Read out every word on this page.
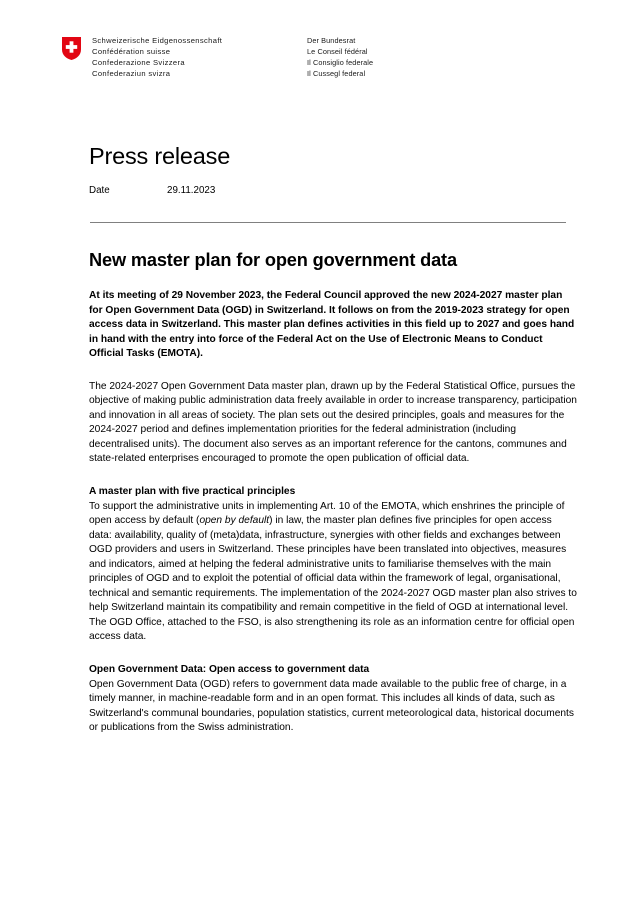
Schweizerische Eidgenossenschaft
Confédération suisse
Confederazione Svizzera
Confederaziun svizra
Der Bundesrat
Le Conseil fédéral
Il Consiglio federale
Il Cussegl federal
Press release
Date	29.11.2023
New master plan for open government data

At its meeting of 29 November 2023, the Federal Council approved the new 2024-2027 master plan for Open Government Data (OGD) in Switzerland. It follows on from the 2019-2023 strategy for open access data in Switzerland. This master plan defines activities in this field up to 2027 and goes hand in hand with the entry into force of the Federal Act on the Use of Electronic Means to Conduct Official Tasks (EMOTA).

The 2024-2027 Open Government Data master plan, drawn up by the Federal Statistical Office, pursues the objective of making public administration data freely available in order to increase transparency, participation and innovation in all areas of society. The plan sets out the desired principles, goals and measures for the 2024-2027 period and defines implementation priorities for the federal administration (including decentralised units). The document also serves as an important reference for the cantons, communes and state-related enterprises encouraged to promote the open publication of official data.

A master plan with five practical principles

To support the administrative units in implementing Art. 10 of the EMOTA, which enshrines the principle of open access by default (open by default) in law, the master plan defines five principles for open access data: availability, quality of (meta)data, infrastructure, synergies with other fields and exchanges between OGD providers and users in Switzerland. These principles have been translated into objectives, measures and indicators, aimed at helping the federal administrative units to familiarise themselves with the main principles of OGD and to exploit the potential of official data within the framework of legal, organisational, technical and semantic requirements. The implementation of the 2024-2027 OGD master plan also strives to help Switzerland maintain its compatibility and remain competitive in the field of OGD at international level. The OGD Office, attached to the FSO, is also strengthening its role as an information centre for official open access data.

Open Government Data: Open access to government data

Open Government Data (OGD) refers to government data made available to the public free of charge, in a timely manner, in machine-readable form and in an open format. This includes all kinds of data, such as Switzerland's communal boundaries, population statistics, current meteorological data, historical documents or publications from the Swiss administration.
